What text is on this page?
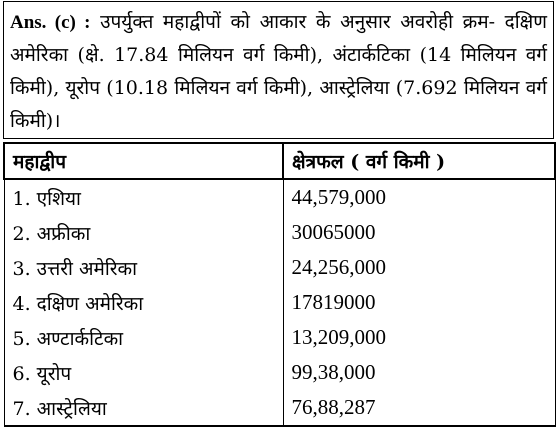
Ans. (c) : उपर्युक्त महाद्वीपों को आकार के अनुसार अवरोही क्रम- दक्षिण अमेरिका (क्षे. 17.84 मिलियन वर्ग किमी), अंटार्कटिका (14 मिलियन वर्ग किमी), यूरोप (10.18 मिलियन वर्ग किमी), आस्ट्रेलिया (7.692 मिलियन वर्ग किमी)।
महाद्वीप	क्षेत्रफल ( वर्ग किमी )
1. एशिया	44,579,000
2. अफ्रीका	30065000
3. उत्तरी अमेरिका	24,256,000
4. दक्षिण अमेरिका	17819000
5. अण्टार्कटिका	13,209,000
6. यूरोप	99,38,000
7. आस्ट्रेलिया	76,88,287
